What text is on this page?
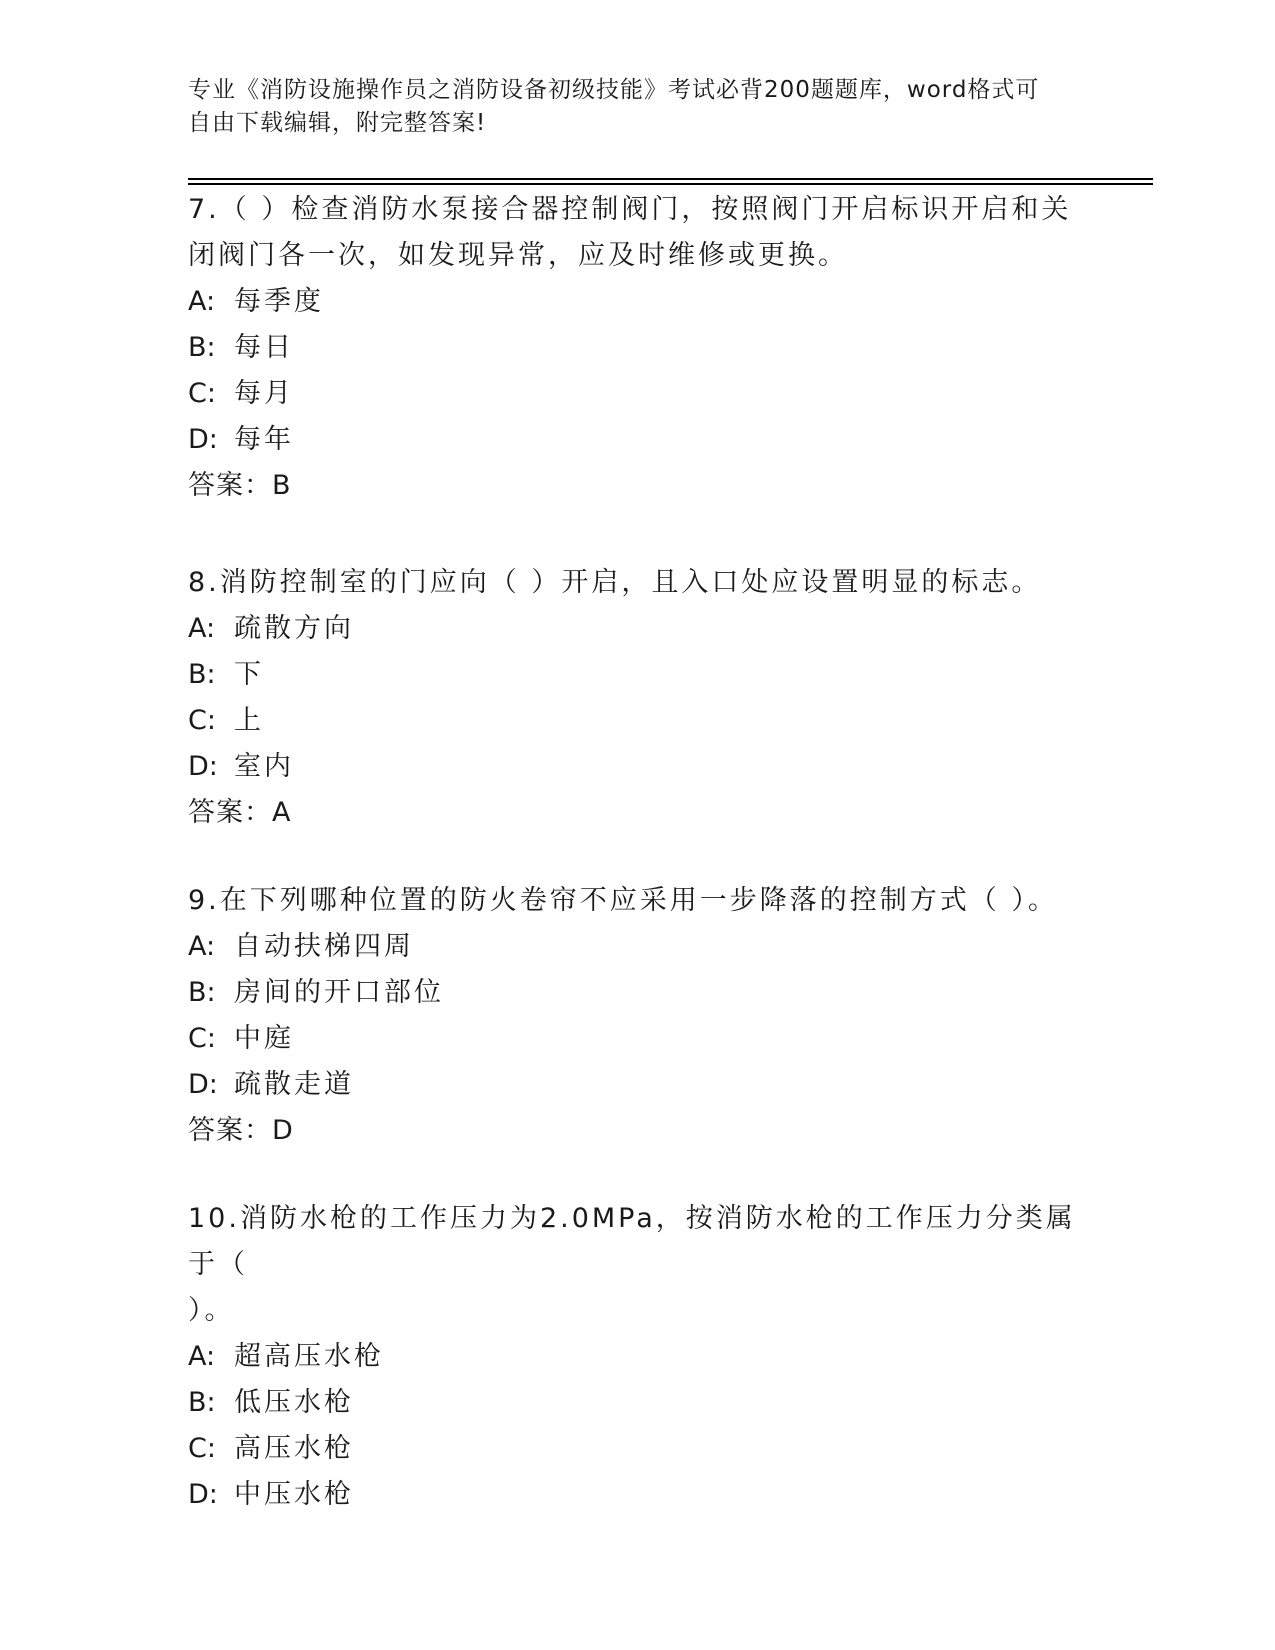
专业《消防设施操作员之消防设备初级技能》考试必背200题题库，word格式可
自由下载编辑，附完整答案!
7.（ ）检查消防水泵接合器控制阀门，按照阀门开启标识开启和关
闭阀门各一次，如发现异常，应及时维修或更换。
A: 每季度
B: 每日
C: 每月
D: 每年
答案：B
8.消防控制室的门应向（ ）开启，且入口处应设置明显的标志。
A: 疏散方向
B: 下
C: 上
D: 室内
答案：A
9.在下列哪种位置的防火卷帘不应采用一步降落的控制方式（ ）。
A: 自动扶梯四周
B: 房间的开口部位
C: 中庭
D: 疏散走道
答案：D
10.消防水枪的工作压力为2.0MPa，按消防水枪的工作压力分类属于（
）。
A: 超高压水枪
B: 低压水枪
C: 高压水枪
D: 中压水枪
